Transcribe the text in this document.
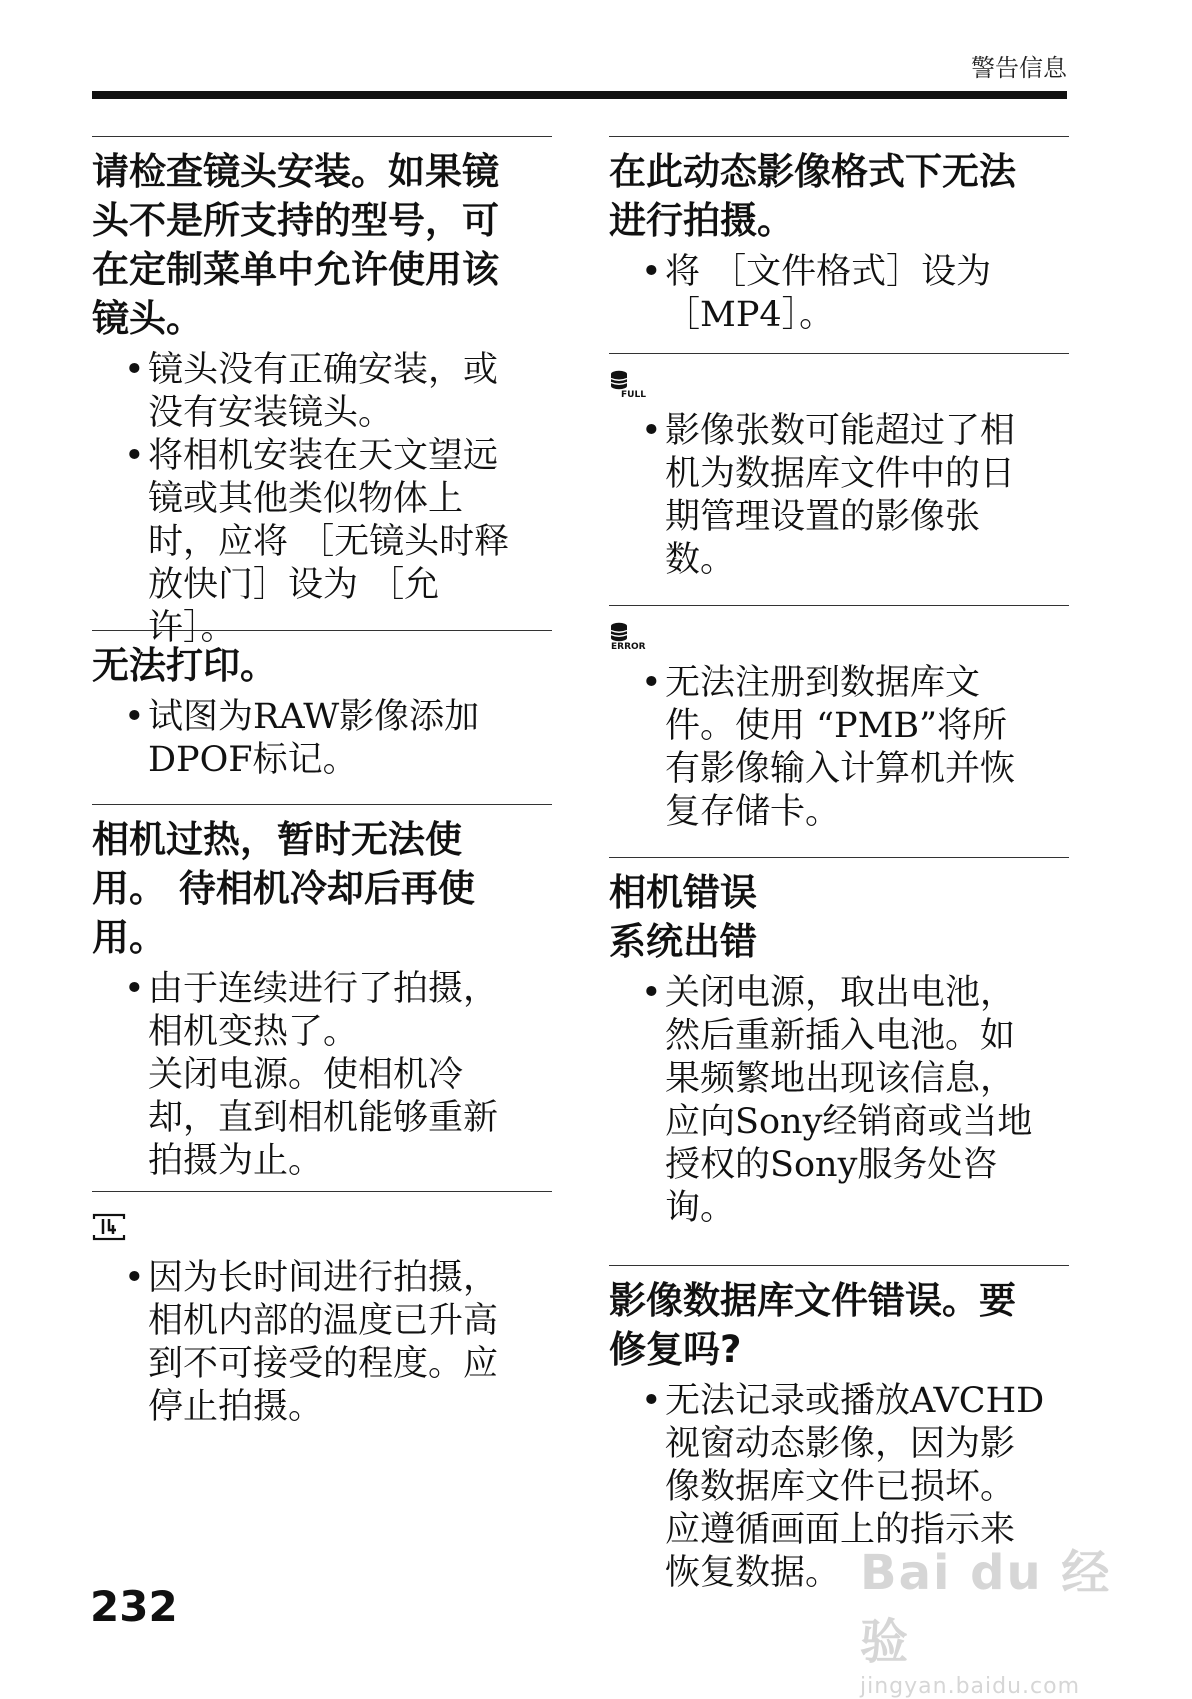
警告信息
请检查镜头安装。如果镜
头不是所支持的型号，可
在定制菜单中允许使用该
镜头。
• 镜头没有正确安装，或
没有安装镜头。
• 将相机安装在天文望远
镜或其他类似物体上
时，应将 ［无镜头时释
放快门］设为 ［允
许］。
无法打印。
• 试图为RAW影像添加
DPOF标记。
相机过热，暂时无法使
用。 待相机冷却后再使
用。
• 由于连续进行了拍摄，
相机变热了。
关闭电源。使相机冷
却，直到相机能够重新
拍摄为止。
• 因为长时间进行拍摄，
相机内部的温度已升高
到不可接受的程度。应
停止拍摄。
在此动态影像格式下无法
进行拍摄。
• 将 ［文件格式］设为
［MP4］。
FULL
• 影像张数可能超过了相
机为数据库文件中的日
期管理设置的影像张
数。
ERROR
• 无法注册到数据库文
件。使用 “PMB”将所
有影像输入计算机并恢
复存储卡。
相机错误
系统出错
• 关闭电源，取出电池，
然后重新插入电池。如
果频繁地出现该信息，
应向Sony经销商或当地
授权的Sony服务处咨
询。
影像数据库文件错误。要
修复吗?
• 无法记录或播放AVCHD
视窗动态影像，因为影
像数据库文件已损坏。
应遵循画面上的指示来
恢复数据。
232
Bai du 经验
jingyan.baidu.com
